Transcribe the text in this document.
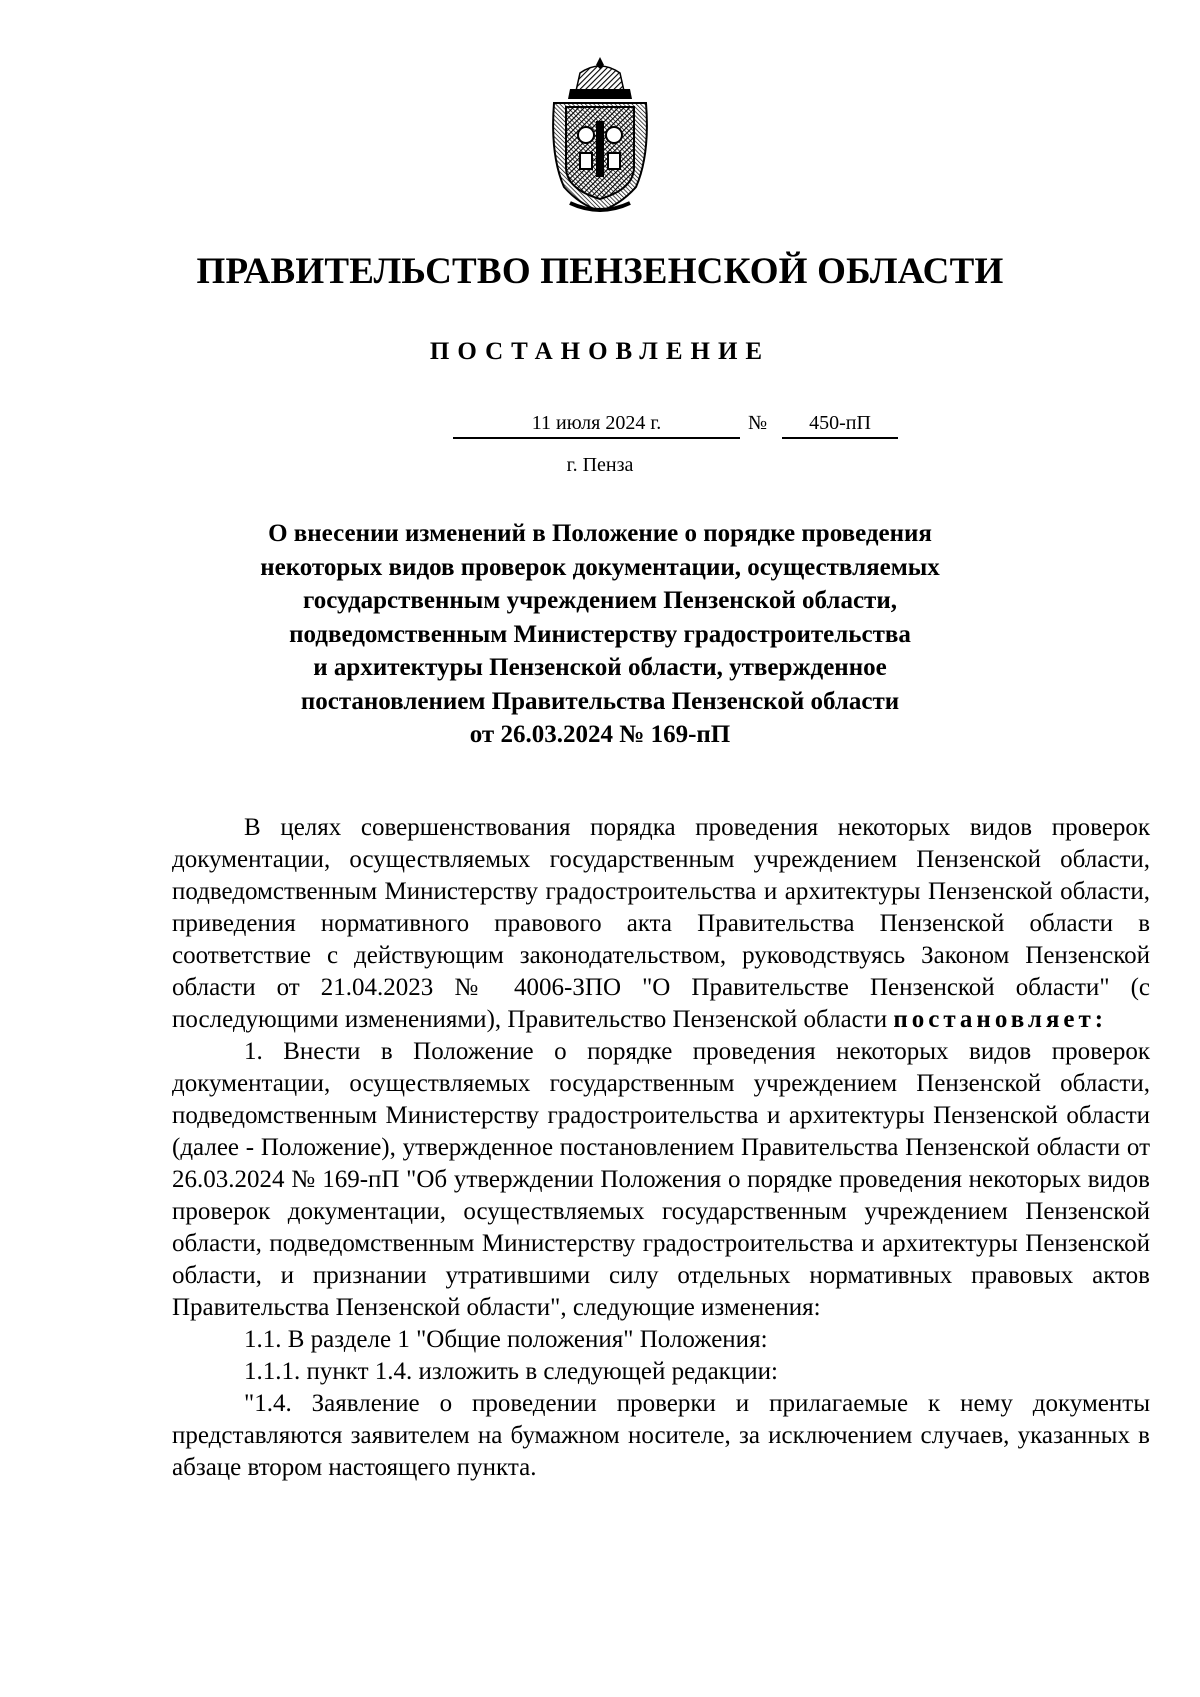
ПРАВИТЕЛЬСТВО ПЕНЗЕНСКОЙ ОБЛАСТИ
ПОСТАНОВЛЕНИЕ
11 июля 2024 г.	№	450-пП
г. Пенза
О внесении изменений в Положение о порядке проведения
некоторых видов проверок документации, осуществляемых
государственным учреждением Пензенской области,
подведомственным Министерству градостроительства
и архитектуры Пензенской области, утвержденное
постановлением Правительства Пензенской области
от 26.03.2024 № 169-пП

В целях совершенствования порядка проведения некоторых видов проверок документации, осуществляемых государственным учреждением Пензенской области, подведомственным Министерству градостроительства и архитектуры Пензенской области, приведения нормативного правового акта Правительства Пензенской области в соответствие с действующим законодательством, руководствуясь Законом Пензенской области от 21.04.2023 № 4006-ЗПО "О Правительстве Пензенской области" (с последующими изменениями), Правительство Пензенской области постановляет:

1. Внести в Положение о порядке проведения некоторых видов проверок документации, осуществляемых государственным учреждением Пензенской области, подведомственным Министерству градостроительства и архитектуры Пензенской области (далее - Положение), утвержденное постановлением Правительства Пензенской области от 26.03.2024 № 169-пП "Об утверждении Положения о порядке проведения некоторых видов проверок документации, осуществляемых государственным учреждением Пензенской области, подведомственным Министерству градостроительства и архитектуры Пензенской области, и признании утратившими силу отдельных нормативных правовых актов Правительства Пензенской области", следующие изменения:

1.1. В разделе 1 "Общие положения" Положения:

1.1.1. пункт 1.4. изложить в следующей редакции:

"1.4. Заявление о проведении проверки и прилагаемые к нему документы представляются заявителем на бумажном носителе, за исключением случаев, указанных в абзаце втором настоящего пункта.
